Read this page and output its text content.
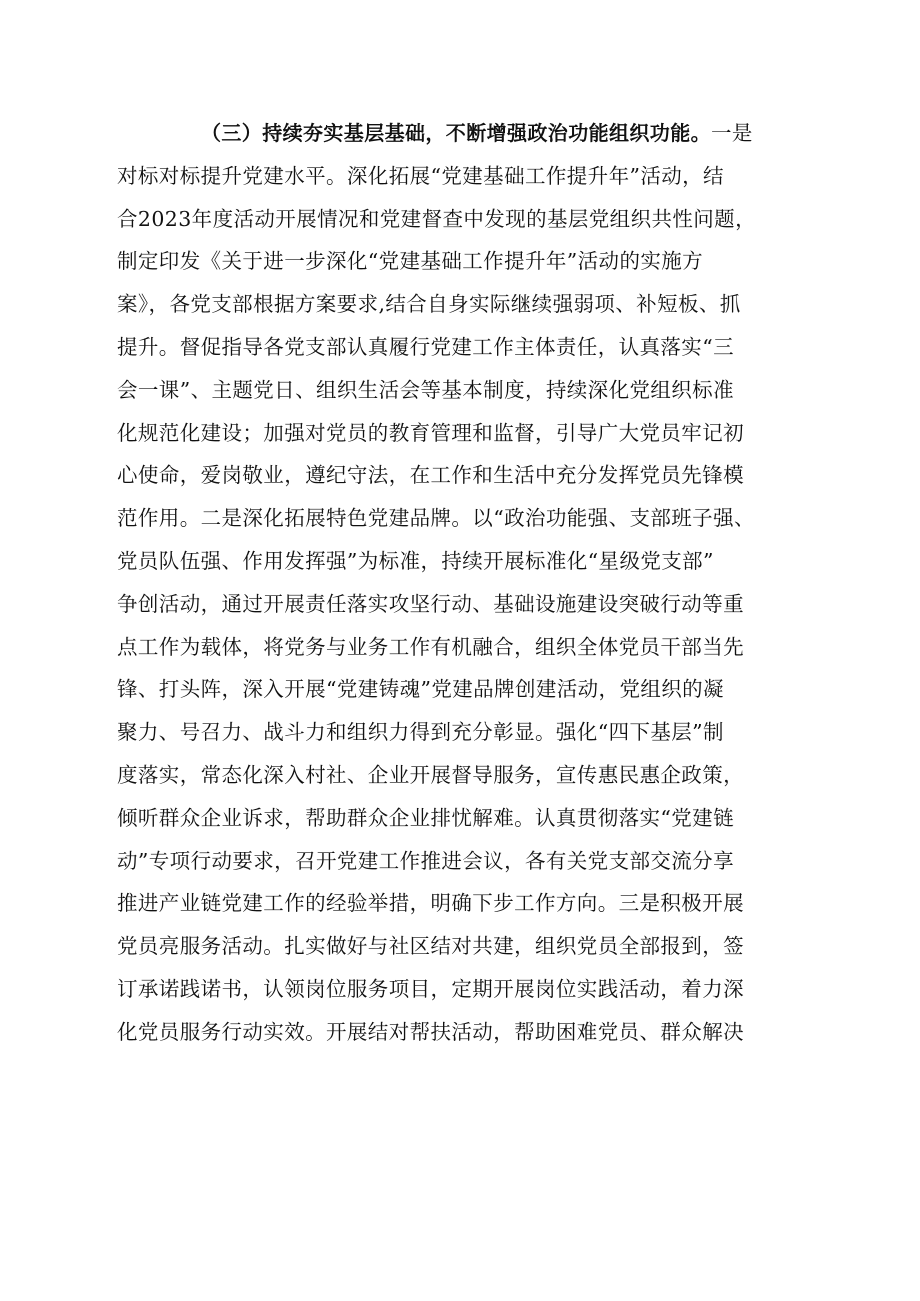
（三）持续夯实基层基础，不断增强政治功能组织功能。一是
对标对标提升党建水平。深化拓展“党建基础工作提升年”活动，结
合2023年度活动开展情况和党建督查中发现的基层党组织共性问题，
制定印发《关于进一步深化“党建基础工作提升年”活动的实施方
案》，各党支部根据方案要求,结合自身实际继续强弱项、补短板、抓
提升。督促指导各党支部认真履行党建工作主体责任，认真落实“三
会一课”、主题党日、组织生活会等基本制度，持续深化党组织标准
化规范化建设；加强对党员的教育管理和监督，引导广大党员牢记初
心使命，爱岗敬业，遵纪守法，在工作和生活中充分发挥党员先锋模
范作用。二是深化拓展特色党建品牌。以“政治功能强、支部班子强、
党员队伍强、作用发挥强”为标准，持续开展标准化“星级党支部”
争创活动，通过开展责任落实攻坚行动、基础设施建设突破行动等重
点工作为载体，将党务与业务工作有机融合，组织全体党员干部当先
锋、打头阵，深入开展“党建铸魂”党建品牌创建活动，党组织的凝
聚力、号召力、战斗力和组织力得到充分彰显。强化“四下基层”制
度落实，常态化深入村社、企业开展督导服务，宣传惠民惠企政策，
倾听群众企业诉求，帮助群众企业排忧解难。认真贯彻落实“党建链
动”专项行动要求，召开党建工作推进会议，各有关党支部交流分享
推进产业链党建工作的经验举措，明确下步工作方向。三是积极开展
党员亮服务活动。扎实做好与社区结对共建，组织党员全部报到，签
订承诺践诺书，认领岗位服务项目，定期开展岗位实践活动，着力深
化党员服务行动实效。开展结对帮扶活动，帮助困难党员、群众解决
